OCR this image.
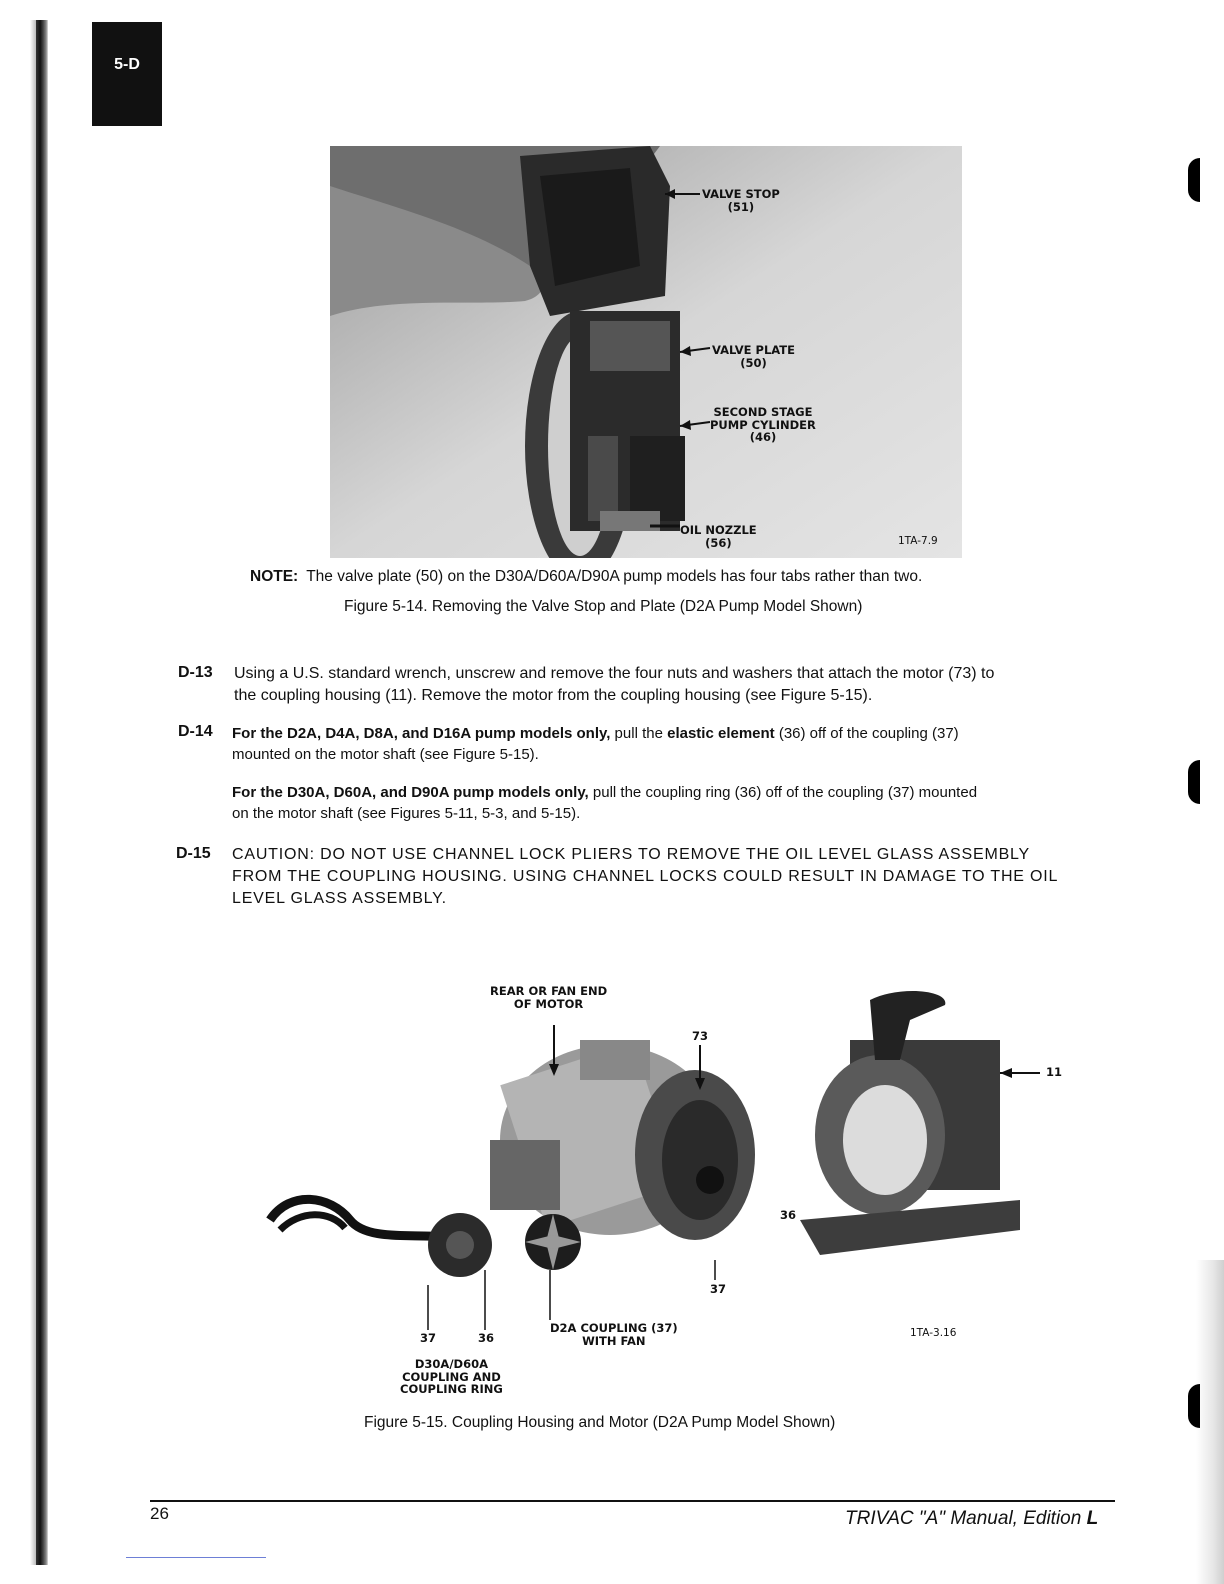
5-D
VALVE STOP
(51)
VALVE PLATE
(50)
SECOND STAGE
PUMP CYLINDER
(46)
OIL NOZZLE
(56)	1TA-7.9
NOTE: The valve plate (50) on the D30A/D60A/D90A pump models has four tabs rather than two.
Figure 5-14. Removing the Valve Stop and Plate (D2A Pump Model Shown)
D-13 Using a U.S. standard wrench, unscrew and remove the four nuts and washers that attach the motor (73) to
the coupling housing (11). Remove the motor from the coupling housing (see Figure 5-15).
D-14 For the D2A, D4A, D8A, and D16A pump models only, pull the elastic element (36) off of the coupling (37)
mounted on the motor shaft (see Figure 5-15).
For the D30A, D60A, and D90A pump models only, pull the coupling ring (36) off of the coupling (37) mounted
on the motor shaft (see Figures 5-11, 5-3, and 5-15).
D-15 CAUTION: DO NOT USE CHANNEL LOCK PLIERS TO REMOVE THE OIL LEVEL GLASS ASSEMBLY
FROM THE COUPLING HOUSING. USING CHANNEL LOCKS COULD RESULT IN DAMAGE TO THE OIL
LEVEL GLASS ASSEMBLY.
REAR OR FAN END
OF MOTOR
73
11
36
37
D2A COUPLING (37)
WITH FAN
37	36
D30A/D60A
COUPLING AND
COUPLING RING
1TA-3.16
Figure 5-15. Coupling Housing and Motor (D2A Pump Model Shown)
26	TRIVAC "A" Manual, Edition L
